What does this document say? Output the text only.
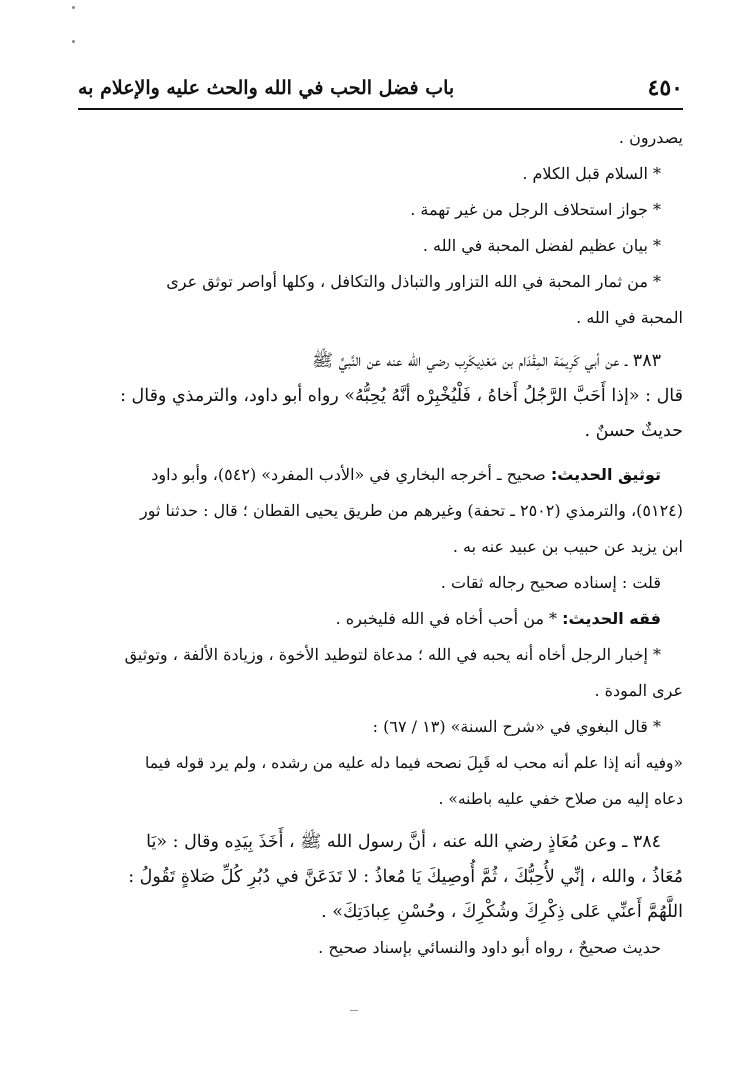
٤٥٠
باب فضل الحب في الله والحث عليه والإعلام به

يصدرون .

* السلام قبل الكلام .

* جواز استحلاف الرجل من غير تهمة .

* بيان عظيم لفضل المحبة في الله .

* من ثمار المحبة في الله التزاور والتباذل والتكافل ، وكلها أواصر توثق عرى

المحبة في الله .

٣٨٣ ـ عن أبي كَرِيمَة المِقْدَام بن مَعْدِيكَرِب رضي الله عنه عن النَّبيِّ ﷺ

قال : «إذا أَحَبَّ الرَّجُلُ أَخاهُ ، فَلْيُخْبِرْه أنَّهُ يُحِبُّهُ» رواه أبو داود، والترمذي وقال :

حديثٌ حسنٌ .

توثيق الحديث: صحيح ـ أخرجه البخاري في «الأدب المفرد» (٥٤٢)، وأبو داود

(٥١٢٤)، والترمذي (٢٥٠٢ ـ تحفة) وغيرهم من طريق يحيى القطان ؛ قال : حدثنا ثور

ابن يزيد عن حبيب بن عبيد عنه به .

قلت : إسناده صحيح رجاله ثقات .

فقه الحديث: * من أحب أخاه في الله فليخبره .

* إخبار الرجل أخاه أنه يحبه في الله ؛ مدعاة لتوطيد الأخوة ، وزيادة الألفة ، وتوثيق

عرى المودة .

* قال البغوي في «شرح السنة» (١٣ / ٦٧) :

«وفيه أنه إذا علم أنه محب له قَبِلَ نصحه فيما دله عليه من رشده ، ولم يرد قوله فيما

دعاه إليه من صلاح خفي عليه باطنه» .

٣٨٤ ـ وعن مُعَاذٍ رضي الله عنه ، أنَّ رسول الله ﷺ ، أَخَذَ بِيَدِه وقال : «يَا

مُعَاذُ ، والله ، إنِّي لأُحِبُّكَ ، ثُمَّ أُوصِيكَ يَا مُعاذُ : لا تَدَعَنَّ في دُبُرِ كُلِّ صَلاةٍ تَقُولُ :

اللَّهُمَّ أَعنِّي عَلى ذِكْرِكَ وشُكْرِكَ ، وحُسْنِ عِبادَتِكَ» .

حديث صحيحٌ ، رواه أبو داود والنسائي بإسناد صحيح .
